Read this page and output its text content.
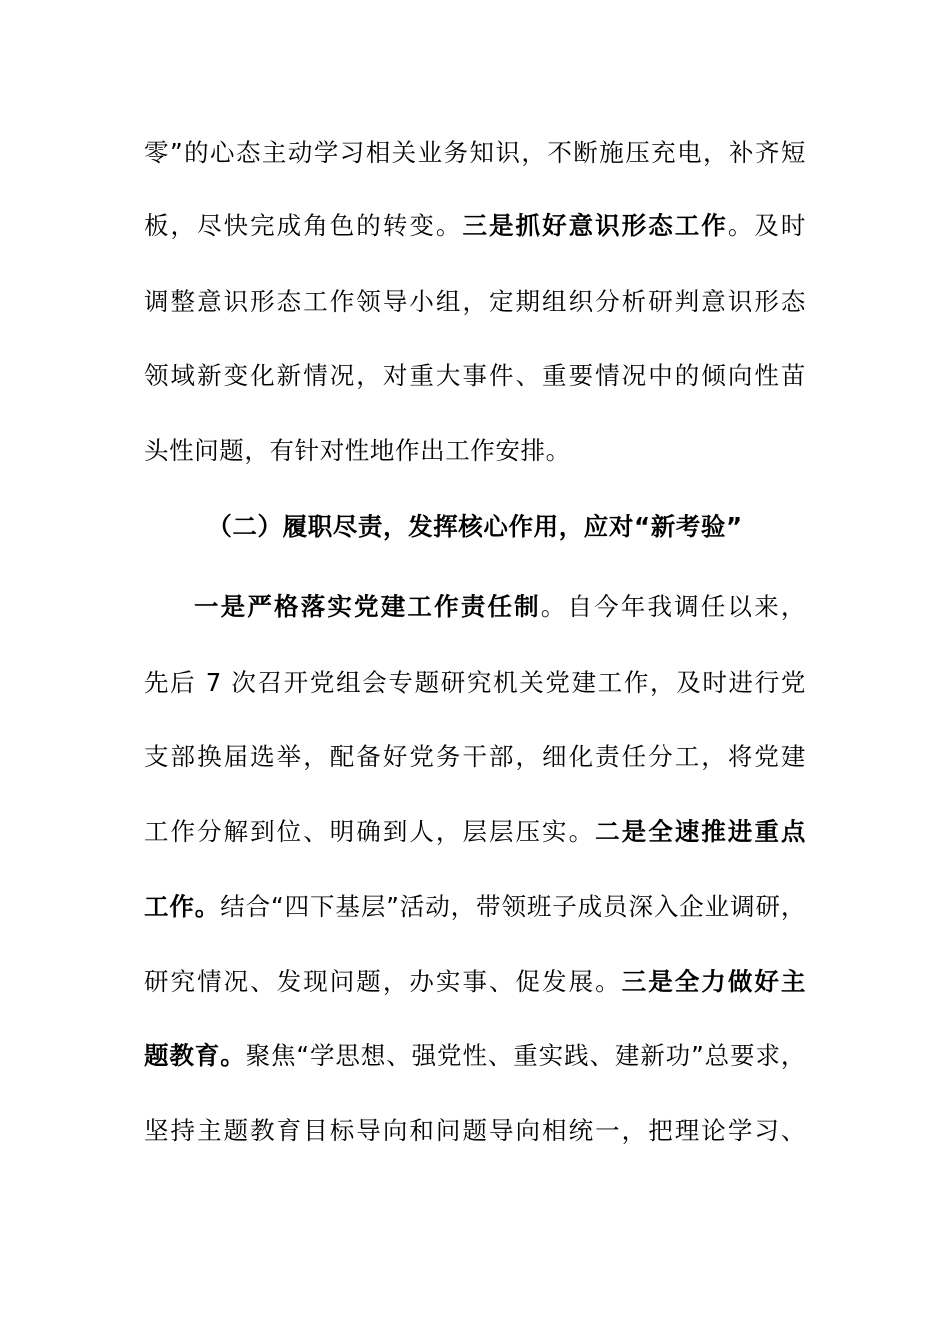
零”的心态主动学习相关业务知识，不断施压充电，补齐短
板，尽快完成角色的转变。三是抓好意识形态工作。及时
调整意识形态工作领导小组，定期组织分析研判意识形态
领域新变化新情况，对重大事件、重要情况中的倾向性苗
头性问题，有针对性地作出工作安排。
（二）履职尽责，发挥核心作用，应对“新考验”
一是严格落实党建工作责任制。自今年我调任以来，
先后 7 次召开党组会专题研究机关党建工作，及时进行党
支部换届选举，配备好党务干部，细化责任分工，将党建
工作分解到位、明确到人，层层压实。二是全速推进重点
工作。结合“四下基层”活动，带领班子成员深入企业调研，
研究情况、发现问题，办实事、促发展。三是全力做好主
题教育。聚焦“学思想、强党性、重实践、建新功”总要求，
坚持主题教育目标导向和问题导向相统一，把理论学习、
